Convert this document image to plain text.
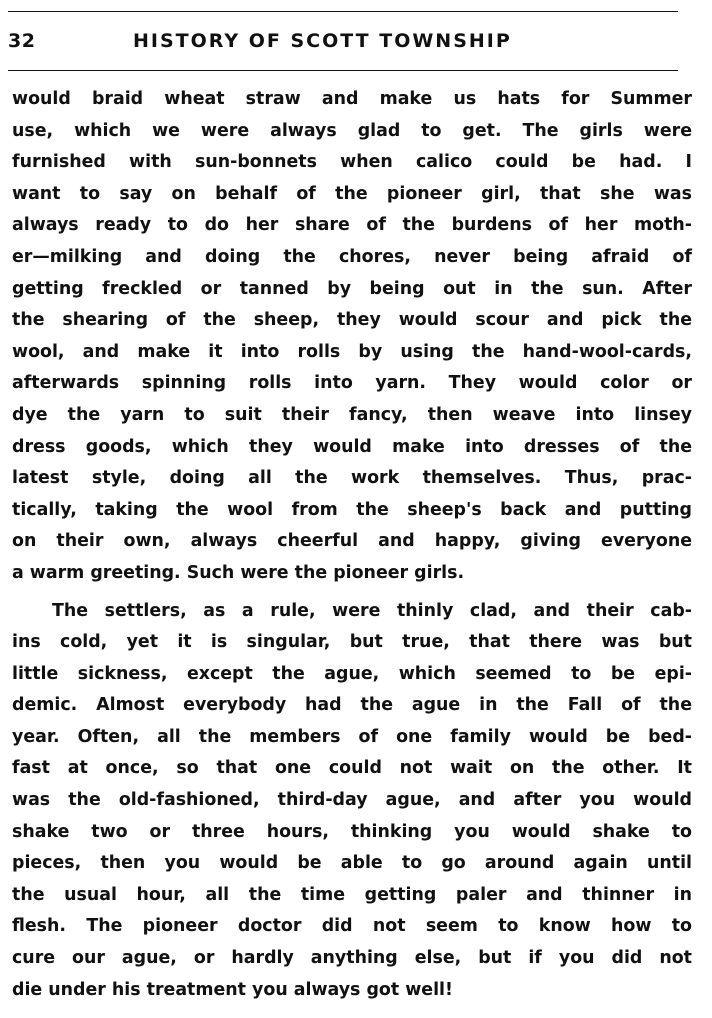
32	HISTORY OF SCOTT TOWNSHIP
would braid wheat straw and make us hats for Summer
use, which we were always glad to get. The girls were
furnished with sun-bonnets when calico could be had. I
want to say on behalf of the pioneer girl, that she was
always ready to do her share of the burdens of her moth-
er—milking and doing the chores, never being afraid of
getting freckled or tanned by being out in the sun. After
the shearing of the sheep, they would scour and pick the
wool, and make it into rolls by using the hand-wool-cards,
afterwards spinning rolls into yarn. They would color or
dye the yarn to suit their fancy, then weave into linsey
dress goods, which they would make into dresses of the
latest style, doing all the work themselves. Thus, prac-
tically, taking the wool from the sheep's back and putting
on their own, always cheerful and happy, giving everyone
a warm greeting. Such were the pioneer girls.
The settlers, as a rule, were thinly clad, and their cab-
ins cold, yet it is singular, but true, that there was but
little sickness, except the ague, which seemed to be epi-
demic. Almost everybody had the ague in the Fall of the
year. Often, all the members of one family would be bed-
fast at once, so that one could not wait on the other. It
was the old-fashioned, third-day ague, and after you would
shake two or three hours, thinking you would shake to
pieces, then you would be able to go around again until
the usual hour, all the time getting paler and thinner in
flesh. The pioneer doctor did not seem to know how to
cure our ague, or hardly anything else, but if you did not
die under his treatment you always got well!
